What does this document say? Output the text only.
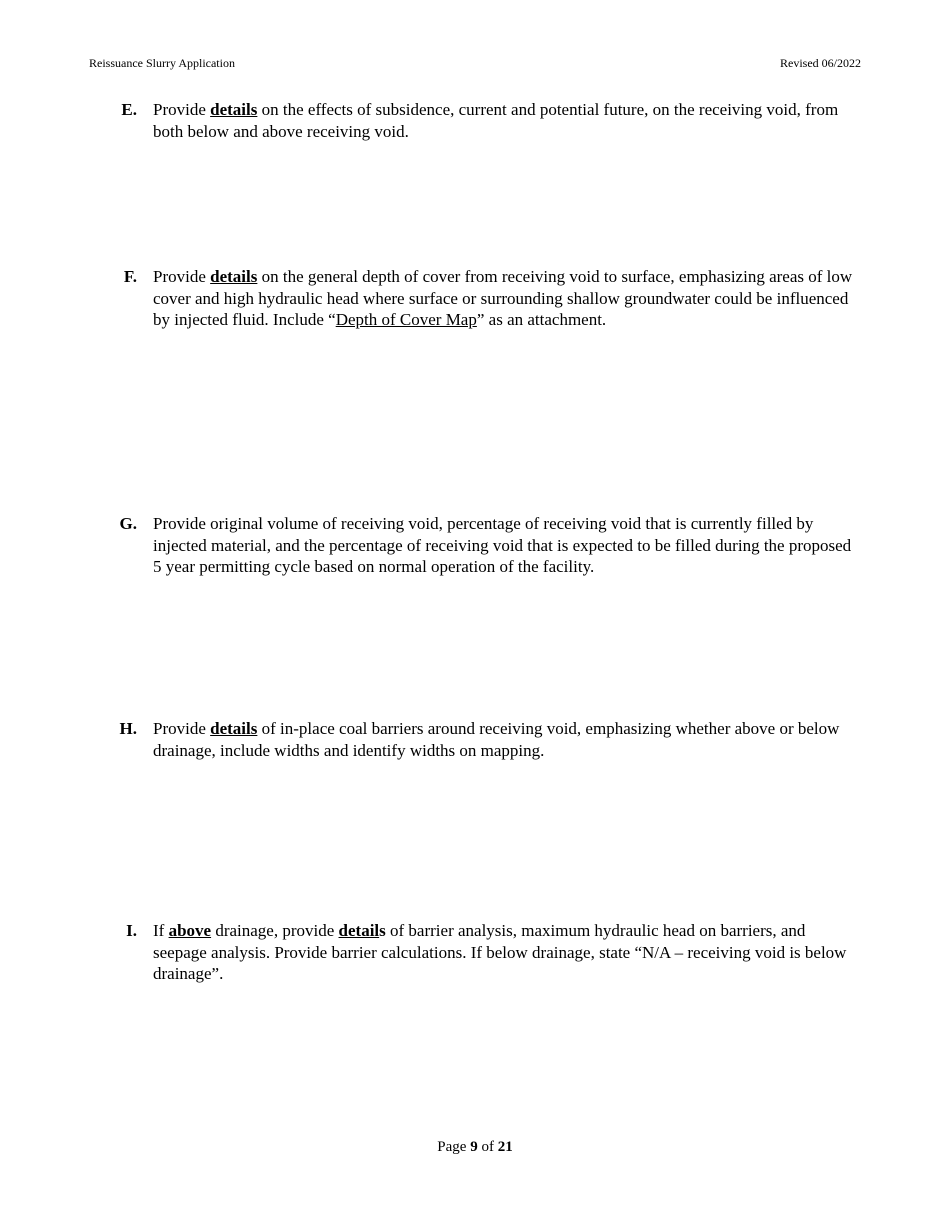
Reissuance Slurry Application	Revised 06/2022
E. Provide details on the effects of subsidence, current and potential future, on the receiving void, from both below and above receiving void.
F. Provide details on the general depth of cover from receiving void to surface, emphasizing areas of low cover and high hydraulic head where surface or surrounding shallow groundwater could be influenced by injected fluid. Include “Depth of Cover Map” as an attachment.
G. Provide original volume of receiving void, percentage of receiving void that is currently filled by injected material, and the percentage of receiving void that is expected to be filled during the proposed 5 year permitting cycle based on normal operation of the facility.
H. Provide details of in-place coal barriers around receiving void, emphasizing whether above or below drainage, include widths and identify widths on mapping.
I. If above drainage, provide details of barrier analysis, maximum hydraulic head on barriers, and seepage analysis. Provide barrier calculations. If below drainage, state “N/A – receiving void is below drainage”.
Page 9 of 21
